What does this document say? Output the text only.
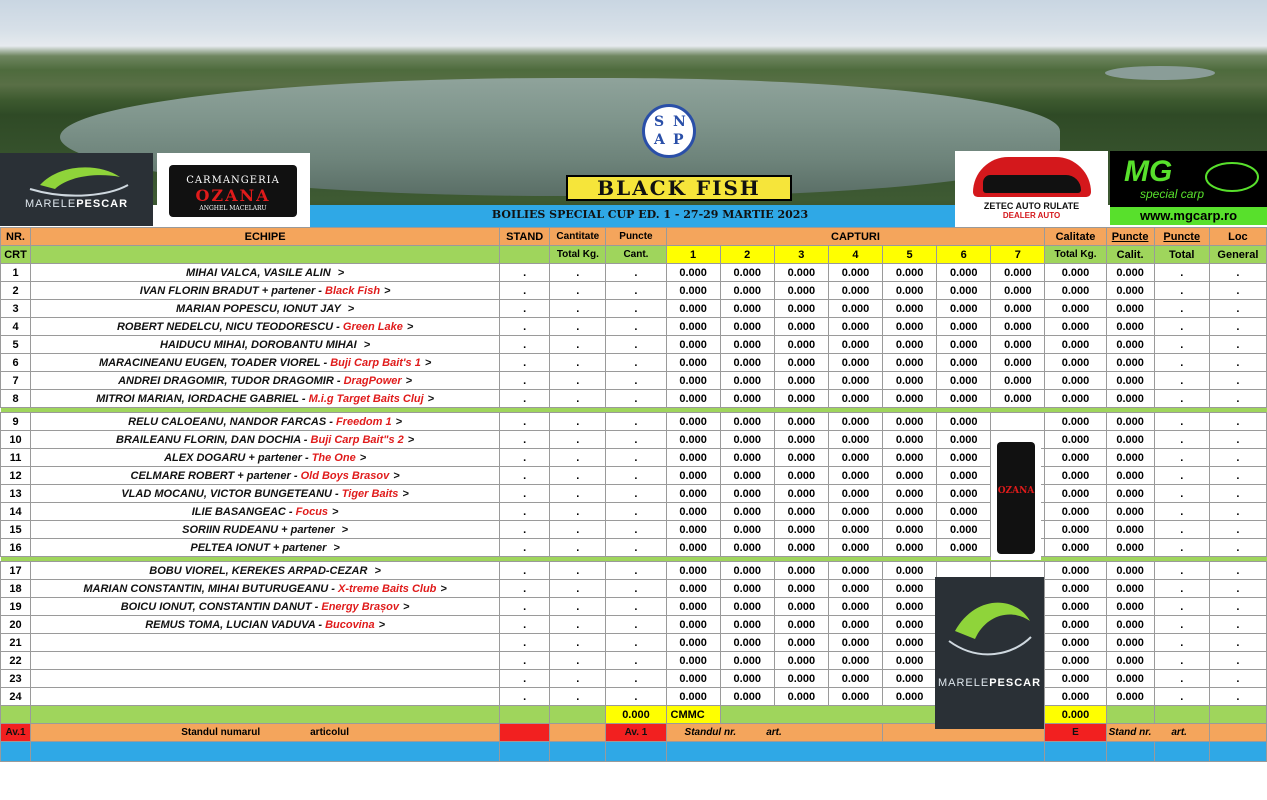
MARELEPESCAR
CARMANGERIA
OZANA
ANGHEL MACELARU
S N
A P
BLACK FISH
BOILIES SPECIAL CUP ED. 1 - 27-29 MARTIE 2023
ZETEC AUTO RULATE
DEALER AUTO
MG
special carp
www.mgcarp.ro
NR.	ECHIPE	STAND	Cantitate	Puncte	CAPTURI							Calitate	Puncte	Puncte	Loc
CRT			Total Kg.	Cant.	1	2	3	4	5	6	7	Total Kg.	Calit.	Total	General
1	MIHAI VALCA, VASILE ALIN >	.	.	.	0.000	0.000	0.000	0.000	0.000	0.000	0.000	0.000	0.000	.	.
2	IVAN FLORIN BRADUT + partener - Black Fish >	.	.	.	0.000	0.000	0.000	0.000	0.000	0.000	0.000	0.000	0.000	.	.
3	MARIAN POPESCU, IONUT JAY >	.	.	.	0.000	0.000	0.000	0.000	0.000	0.000	0.000	0.000	0.000	.	.
4	ROBERT NEDELCU, NICU TEODORESCU - Green Lake >	.	.	.	0.000	0.000	0.000	0.000	0.000	0.000	0.000	0.000	0.000	.	.
5	HAIDUCU MIHAI, DOROBANTU MIHAI >	.	.	.	0.000	0.000	0.000	0.000	0.000	0.000	0.000	0.000	0.000	.	.
6	MARACINEANU EUGEN, TOADER VIOREL - Buji Carp Bait's 1 >	.	.	.	0.000	0.000	0.000	0.000	0.000	0.000	0.000	0.000	0.000	.	.
7	ANDREI DRAGOMIR, TUDOR DRAGOMIR - DragPower >	.	.	.	0.000	0.000	0.000	0.000	0.000	0.000	0.000	0.000	0.000	.	.
8	MITROI MARIAN, IORDACHE GABRIEL - M.i.g Target Baits Cluj >	.	.	.	0.000	0.000	0.000	0.000	0.000	0.000	0.000	0.000	0.000	.	.

9	RELU CALOEANU, NANDOR FARCAS - Freedom 1 >	.	.	.	0.000	0.000	0.000	0.000	0.000	0.000		0.000	0.000	.	.
10	BRAILEANU FLORIN, DAN DOCHIA - Buji Carp Bait"s 2 >	.	.	.	0.000	0.000	0.000	0.000	0.000	0.000		0.000	0.000	.	.
11	ALEX DOGARU + partener - The One >	.	.	.	0.000	0.000	0.000	0.000	0.000	0.000		0.000	0.000	.	.
12	CELMARE ROBERT + partener - Old Boys Brasov >	.	.	.	0.000	0.000	0.000	0.000	0.000	0.000		0.000	0.000	.	.
13	VLAD MOCANU, VICTOR BUNGETEANU - Tiger Baits >	.	.	.	0.000	0.000	0.000	0.000	0.000	0.000		0.000	0.000	.	.
14	ILIE BASANGEAC - Focus >	.	.	.	0.000	0.000	0.000	0.000	0.000	0.000		0.000	0.000	.	.
15	SORIIN RUDEANU + partener >	.	.	.	0.000	0.000	0.000	0.000	0.000	0.000		0.000	0.000	.	.
16	PELTEA IONUT + partener >	.	.	.	0.000	0.000	0.000	0.000	0.000	0.000		0.000	0.000	.	.

17	BOBU VIOREL, KEREKES ARPAD-CEZAR >	.	.	.	0.000	0.000	0.000	0.000	0.000			0.000	0.000	.	.
18	MARIAN CONSTANTIN, MIHAI BUTURUGEANU - X-treme Baits Club >	.	.	.	0.000	0.000	0.000	0.000	0.000			0.000	0.000	.	.
19	BOICU IONUT, CONSTANTIN DANUT - Energy Brașov >	.	.	.	0.000	0.000	0.000	0.000	0.000			0.000	0.000	.	.
20	REMUS TOMA, LUCIAN VADUVA - Bucovina >	.	.	.	0.000	0.000	0.000	0.000	0.000			0.000	0.000	.	.
21		.	.	.	0.000	0.000	0.000	0.000	0.000			0.000	0.000	.	.
22		.	.	.	0.000	0.000	0.000	0.000	0.000			0.000	0.000	.	.
23		.	.	.	0.000	0.000	0.000	0.000	0.000			0.000	0.000	.	.
24		.	.	.	0.000	0.000	0.000	0.000	0.000			0.000	0.000	.	.
				0.000	CMMC							0.000			
Av.1	Standul numarul articolul			Av. 1	Standul nr. art.							E	Stand nr. art.		

OZANA
MARELEPESCAR
